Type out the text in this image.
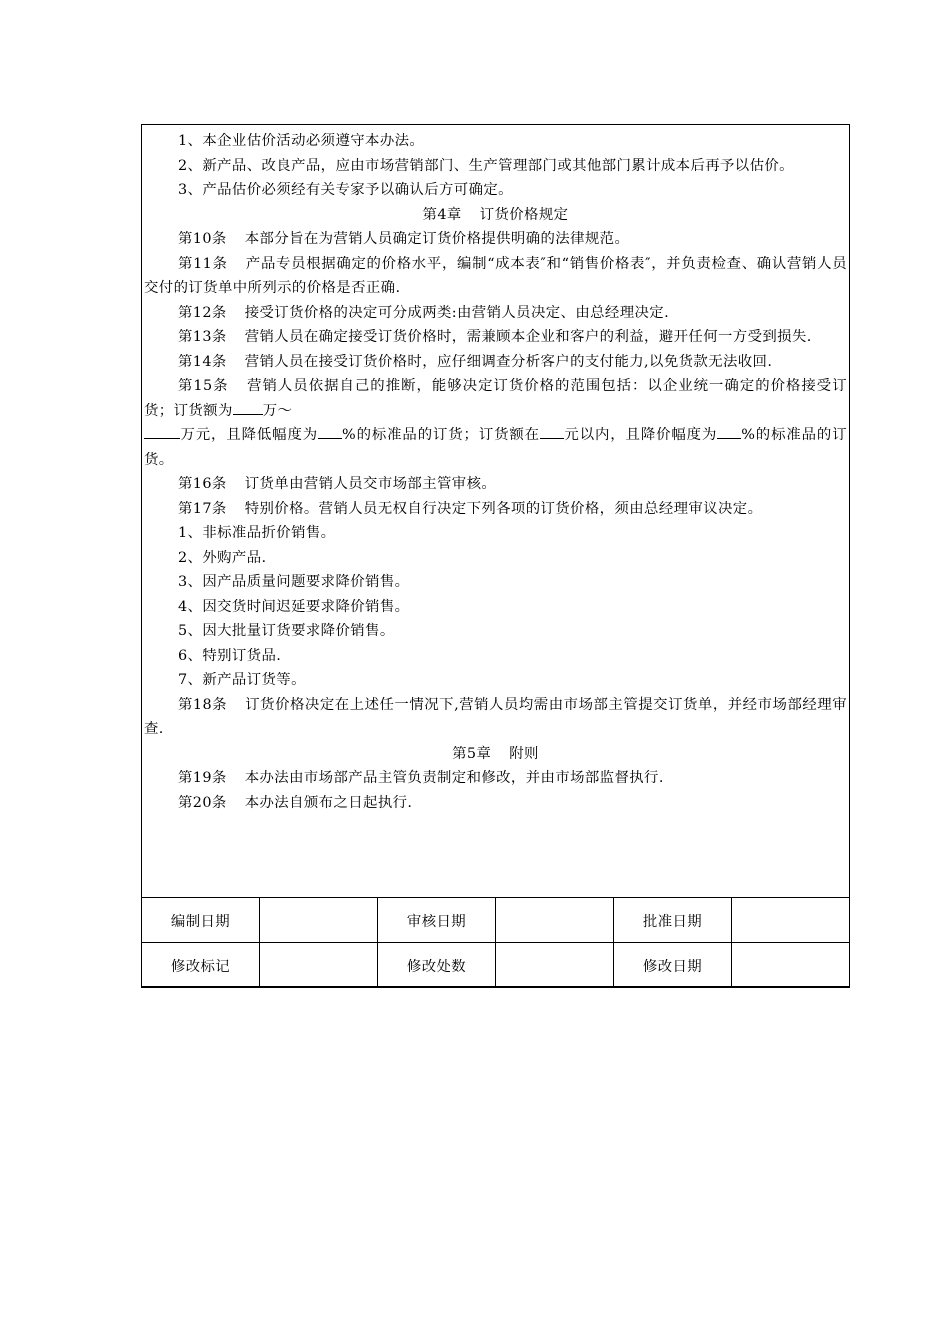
1、本企业估价活动必须遵守本办法。

2、新产品、改良产品，应由市场营销部门、生产管理部门或其他部门累计成本后再予以估价。

3、产品估价必须经有关专家予以确认后方可确定。

第4章 订货价格规定

第10条 本部分旨在为营销人员确定订货价格提供明确的法律规范。

第11条 产品专员根据确定的价格水平，编制“成本表″和“销售价格表″，并负责检查、确认营销人员交付的订货单中所列示的价格是否正确.

第12条 接受订货价格的决定可分成两类:由营销人员决定、由总经理决定.

第13条 营销人员在确定接受订货价格时，需兼顾本企业和客户的利益，避开任何一方受到损失.

第14条 营销人员在接受订货价格时，应仔细调查分析客户的支付能力,以免货款无法收回.

第15条 营销人员依据自己的推断，能够决定订货价格的范围包括：以企业统一确定的价格接受订货；订货额为 万～
万元，且降低幅度为 %的标准品的订货；订货额在 元以内，且降价幅度为 %的标准品的订货。

第16条 订货单由营销人员交市场部主管审核。

第17条 特别价格。营销人员无权自行决定下列各项的订货价格，须由总经理审议决定。

1、非标准品折价销售。

2、外购产品.

3、因产品质量问题要求降价销售。

4、因交货时间迟延要求降价销售。

5、因大批量订货要求降价销售。

6、特别订货品.

7、新产品订货等。

第18条 订货价格决定在上述任一情况下,营销人员均需由市场部主管提交订货单，并经市场部经理审查.

第5章 附则

第19条 本办法由市场部产品主管负责制定和修改，并由市场部监督执行.

第20条 本办法自颁布之日起执行.

编制日期		审核日期		批准日期	
修改标记		修改处数		修改日期	
